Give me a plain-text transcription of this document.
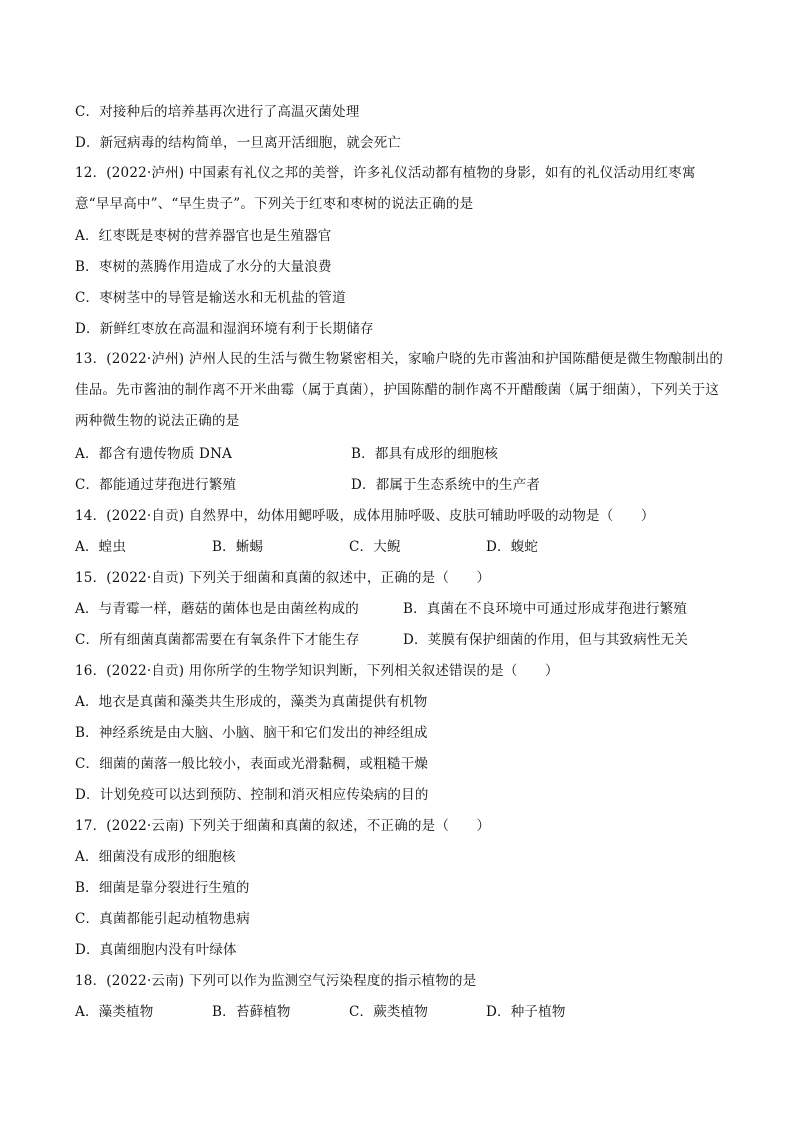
C．对接种后的培养基再次进行了高温灭菌处理
D．新冠病毒的结构简单，一旦离开活细胞，就会死亡
12．(2022·泸州) 中国素有礼仪之邦的美誉，许多礼仪活动都有植物的身影，如有的礼仪活动用红枣寓意“早早高中”、“早生贵子”。下列关于红枣和枣树的说法正确的是
A．红枣既是枣树的营养器官也是生殖器官
B．枣树的蒸腾作用造成了水分的大量浪费
C．枣树茎中的导管是输送水和无机盐的管道
D．新鲜红枣放在高温和湿润环境有利于长期储存
13．(2022·泸州) 泸州人民的生活与微生物紧密相关，家喻户晓的先市酱油和护国陈醋便是微生物酿制出的佳品。先市酱油的制作离不开米曲霉（属于真菌），护国陈醋的制作离不开醋酸菌（属于细菌），下列关于这两种微生物的说法正确的是
A．都含有遗传物质 DNA	B．都具有成形的细胞核
C．都能通过芽孢进行繁殖	D．都属于生态系统中的生产者
14．(2022·自贡) 自然界中，幼体用鳃呼吸，成体用肺呼吸、皮肤可辅助呼吸的动物是（　　）
A．蝗虫	B．蜥蜴	C．大鲵	D．蝮蛇
15．(2022·自贡) 下列关于细菌和真菌的叙述中，正确的是（　　）
A．与青霉一样，蘑菇的菌体也是由菌丝构成的	B．真菌在不良环境中可通过形成芽孢进行繁殖
C．所有细菌真菌都需要在有氧条件下才能生存	D．荚膜有保护细菌的作用，但与其致病性无关
16．(2022·自贡) 用你所学的生物学知识判断，下列相关叙述错误的是（　　）
A．地衣是真菌和藻类共生形成的，藻类为真菌提供有机物
B．神经系统是由大脑、小脑、脑干和它们发出的神经组成
C．细菌的菌落一般比较小，表面或光滑黏稠，或粗糙干燥
D．计划免疫可以达到预防、控制和消灭相应传染病的目的
17．(2022·云南) 下列关于细菌和真菌的叙述，不正确的是（　　）
A．细菌没有成形的细胞核
B．细菌是靠分裂进行生殖的
C．真菌都能引起动植物患病
D．真菌细胞内没有叶绿体
18．(2022·云南) 下列可以作为监测空气污染程度的指示植物的是
A．藻类植物	B．苔藓植物	C．蕨类植物	D．种子植物
